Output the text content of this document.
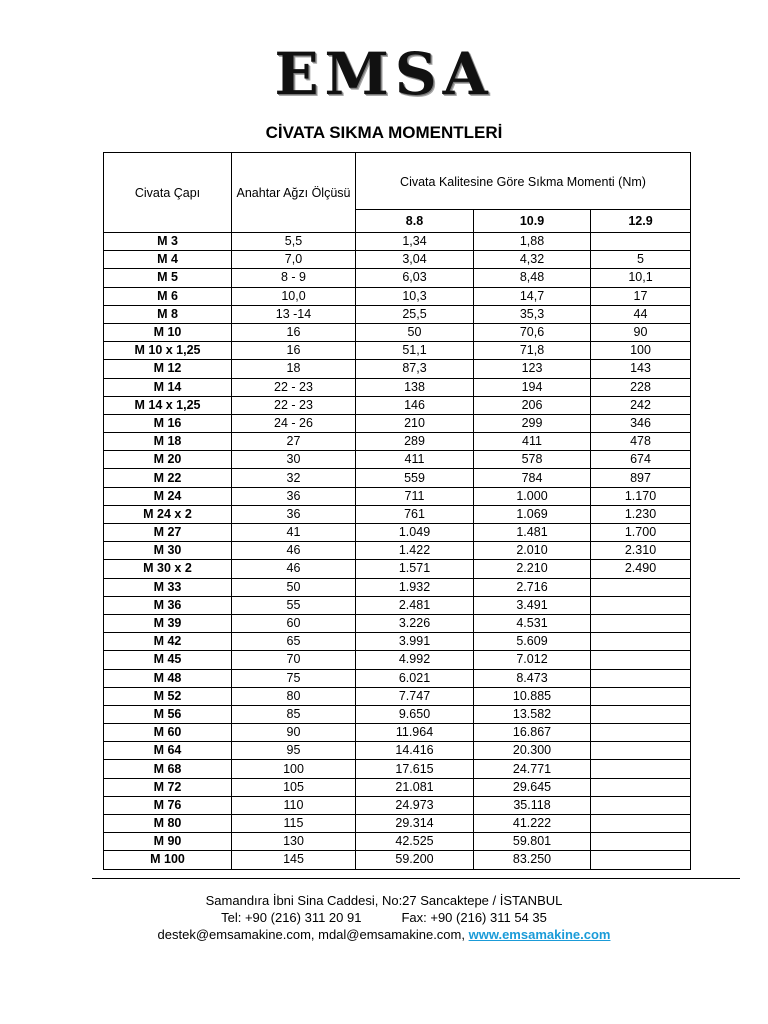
EMSA
CİVATA SIKMA MOMENTLERİ
Civata Çapı	Anahtar Ağzı Ölçüsü	Civata Kalitesine Göre Sıkma Momenti (Nm)		
		8.8	10.9	12.9
M 3	5,5	1,34	1,88	
M 4	7,0	3,04	4,32	5
M 5	8 - 9	6,03	8,48	10,1
M 6	10,0	10,3	14,7	17
M 8	13 -14	25,5	35,3	44
M 10	16	50	70,6	90
M 10 x 1,25	16	51,1	71,8	100
M 12	18	87,3	123	143
M 14	22 - 23	138	194	228
M 14 x 1,25	22 - 23	146	206	242
M 16	24 - 26	210	299	346
M 18	27	289	411	478
M 20	30	411	578	674
M 22	32	559	784	897
M 24	36	711	1.000	1.170
M 24 x 2	36	761	1.069	1.230
M 27	41	1.049	1.481	1.700
M 30	46	1.422	2.010	2.310
M 30 x 2	46	1.571	2.210	2.490
M 33	50	1.932	2.716	
M 36	55	2.481	3.491	
M 39	60	3.226	4.531	
M 42	65	3.991	5.609	
M 45	70	4.992	7.012	
M 48	75	6.021	8.473	
M 52	80	7.747	10.885	
M 56	85	9.650	13.582	
M 60	90	11.964	16.867	
M 64	95	14.416	20.300	
M 68	100	17.615	24.771	
M 72	105	21.081	29.645	
M 76	110	24.973	35.118	
M 80	115	29.314	41.222	
M 90	130	42.525	59.801	
M 100	145	59.200	83.250	
Samandıra İbni Sina Caddesi, No:27 Sancaktepe / İSTANBUL
Tel: +90 (216) 311 20 91	Fax: +90 (216) 311 54 35
destek@emsamakine.com, mdal@emsamakine.com, www.emsamakine.com
